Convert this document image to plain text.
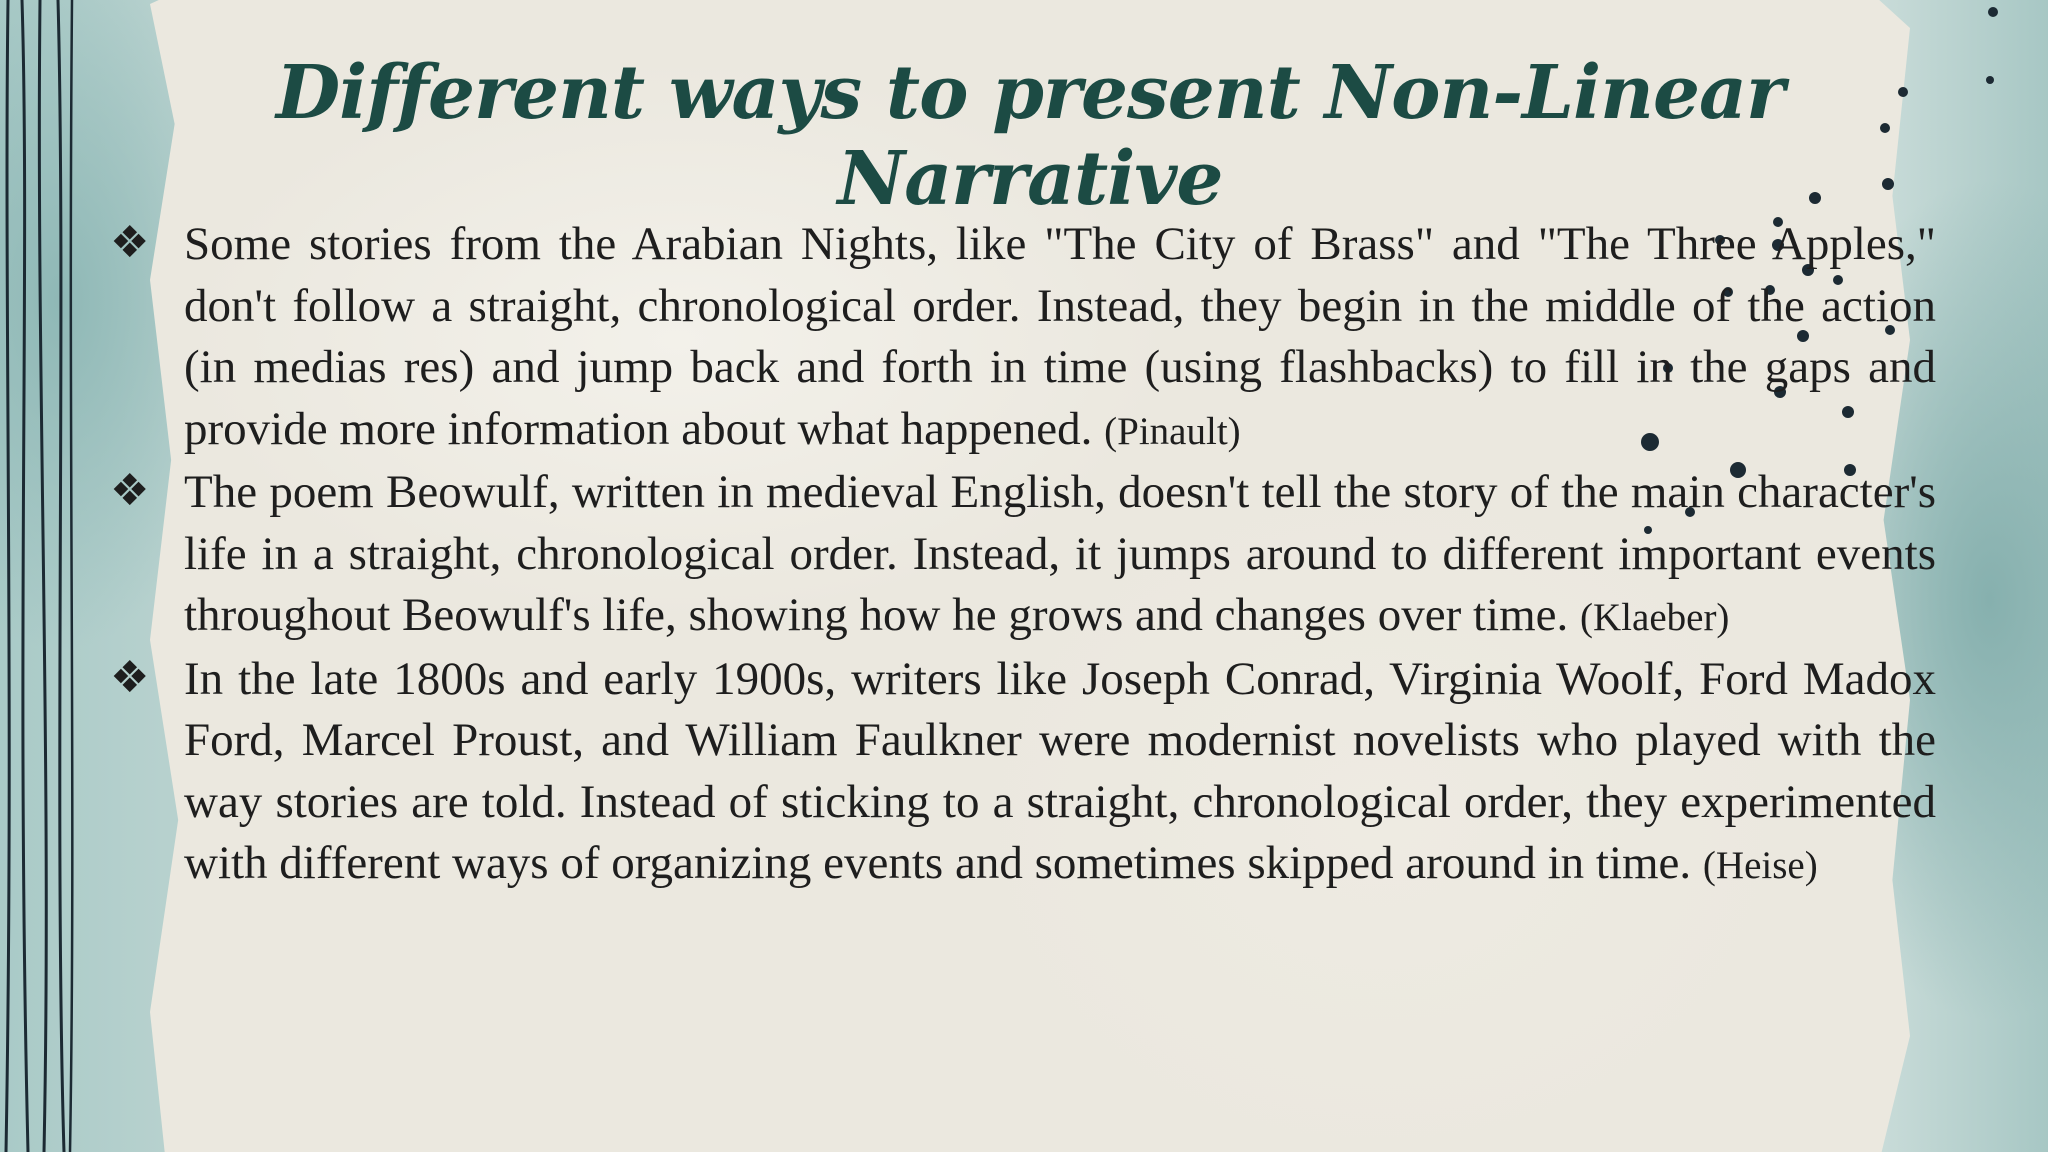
Different ways to present Non-Linear Narrative
❖ Some stories from the Arabian Nights, like "The City of Brass" and "The Three Apples," don't follow a straight, chronological order. Instead, they begin in the middle of the action (in medias res) and jump back and forth in time (using flashbacks) to fill in the gaps and provide more information about what happened. (Pinault)

❖ The poem Beowulf, written in medieval English, doesn't tell the story of the main character's life in a straight, chronological order. Instead, it jumps around to different important events throughout Beowulf's life, showing how he grows and changes over time. (Klaeber)

❖ In the late 1800s and early 1900s, writers like Joseph Conrad, Virginia Woolf, Ford Madox Ford, Marcel Proust, and William Faulkner were modernist novelists who played with the way stories are told. Instead of sticking to a straight, chronological order, they experimented with different ways of organizing events and sometimes skipped around in time. (Heise)
